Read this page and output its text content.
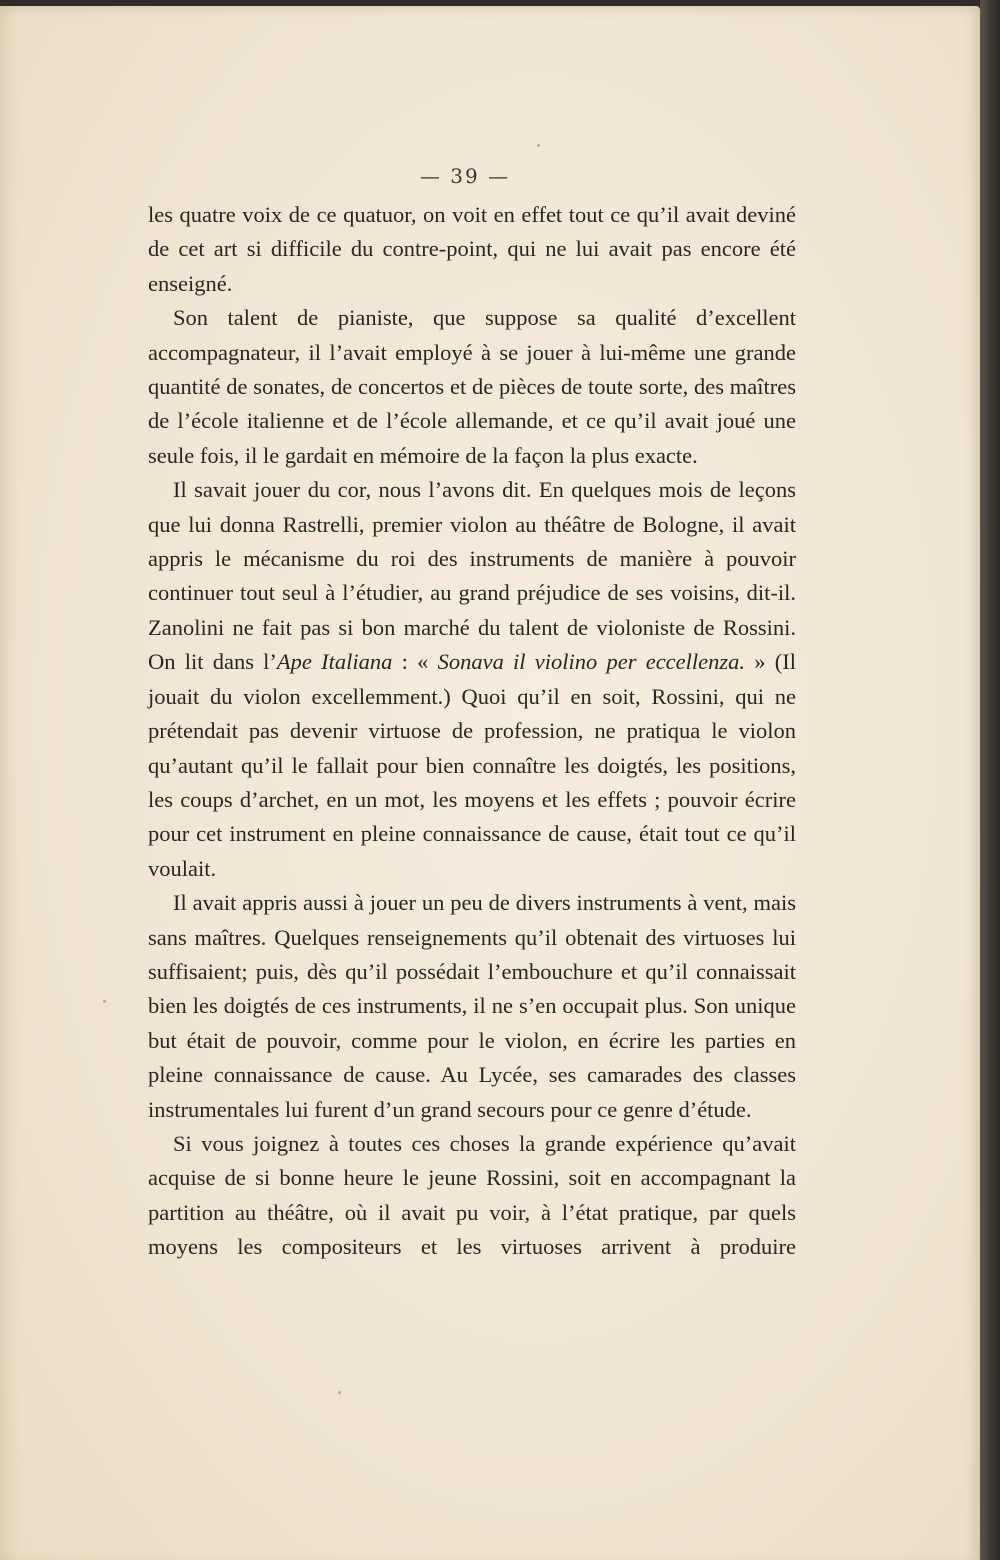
— 39 —

les quatre voix de ce quatuor, on voit en effet tout ce qu’il avait deviné de cet art si difficile du contre-point, qui ne lui avait pas encore été enseigné.

Son talent de pianiste, que suppose sa qualité d’excellent accompagnateur, il l’avait employé à se jouer à lui-même une grande quantité de sonates, de concertos et de pièces de toute sorte, des maîtres de l’école italienne et de l’école allemande, et ce qu’il avait joué une seule fois, il le gardait en mémoire de la façon la plus exacte.

Il savait jouer du cor, nous l’avons dit. En quelques mois de leçons que lui donna Rastrelli, premier violon au théâtre de Bologne, il avait appris le mécanisme du roi des instruments de manière à pouvoir continuer tout seul à l’étudier, au grand préjudice de ses voisins, dit-il. Zanolini ne fait pas si bon marché du talent de violoniste de Rossini. On lit dans l’Ape Italiana : « Sonava il violino per eccellenza. » (Il jouait du violon excellemment.) Quoi qu’il en soit, Rossini, qui ne prétendait pas devenir virtuose de profession, ne pratiqua le violon qu’autant qu’il le fallait pour bien connaître les doigtés, les positions, les coups d’archet, en un mot, les moyens et les effets ; pouvoir écrire pour cet instrument en pleine connaissance de cause, était tout ce qu’il voulait.

Il avait appris aussi à jouer un peu de divers instruments à vent, mais sans maîtres. Quelques renseignements qu’il obtenait des virtuoses lui suffisaient; puis, dès qu’il possédait l’embouchure et qu’il connaissait bien les doigtés de ces instruments, il ne s’en occupait plus. Son unique but était de pouvoir, comme pour le violon, en écrire les parties en pleine connaissance de cause. Au Lycée, ses camarades des classes instrumentales lui furent d’un grand secours pour ce genre d’étude.

Si vous joignez à toutes ces choses la grande expérience qu’avait acquise de si bonne heure le jeune Rossini, soit en accompagnant la partition au théâtre, où il avait pu voir, à l’état pratique, par quels moyens les compositeurs et les virtuoses arrivent à produire
